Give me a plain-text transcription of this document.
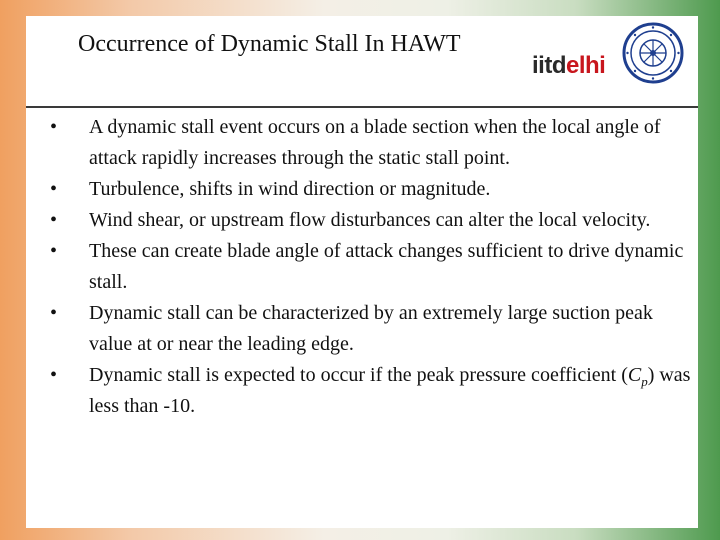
Occurrence of Dynamic Stall In HAWT
iitdelhi
• A dynamic stall event occurs on a blade section when the local angle of attack rapidly increases through the static stall point.
• Turbulence, shifts in wind direction or magnitude.
• Wind shear, or upstream flow disturbances can alter the local velocity.
• These can create blade angle of attack changes sufficient to drive dynamic stall.
• Dynamic stall can be characterized by an extremely large suction peak value at or near the leading edge.
• Dynamic stall is expected to occur if the peak pressure coefficient $(C_p)$ was less than -10.
